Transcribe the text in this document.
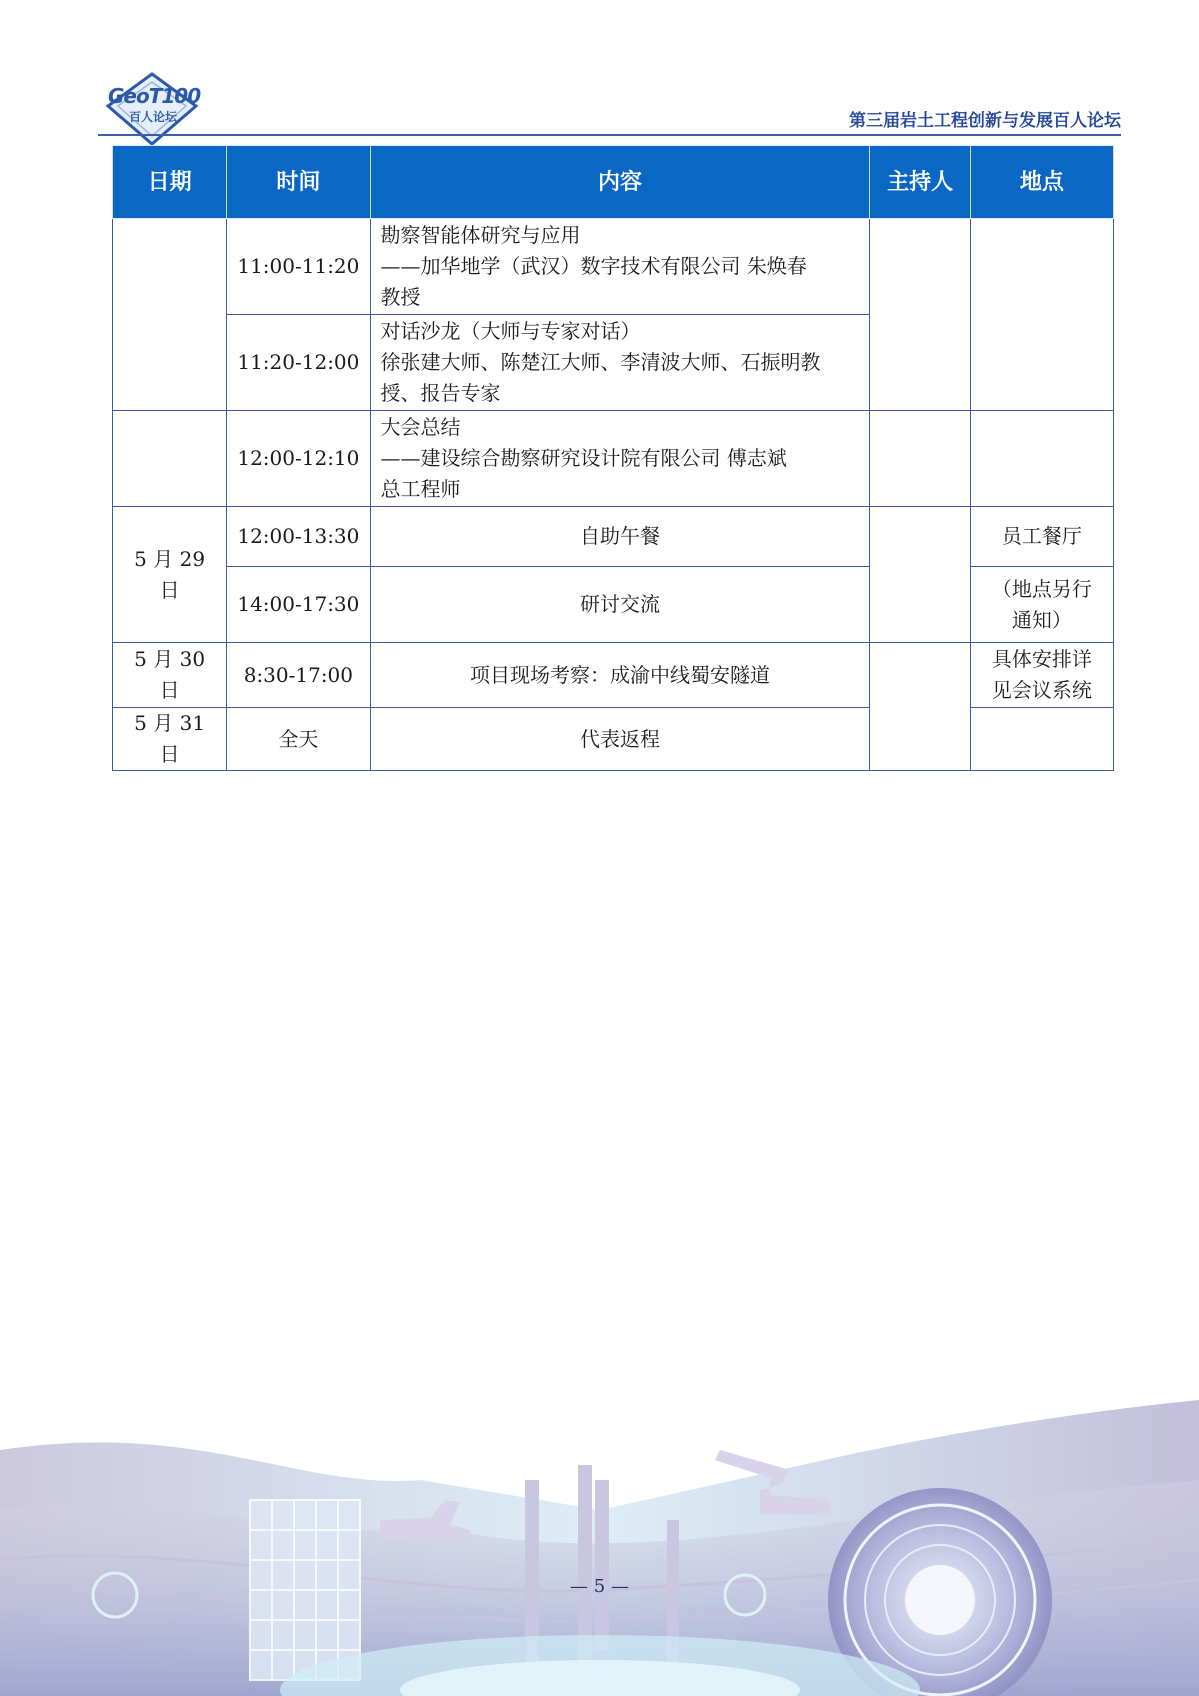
GeoT100
百人论坛	第三届岩土工程创新与发展百人论坛
日期	时间	内容	主持人	地点
	11:00-11:20	勘察智能体研究与应用
——加华地学（武汉）数字技术有限公司 朱焕春
教授		

	11:20-12:00	对话沙龙（大师与专家对话）
徐张建大师、陈楚江大师、李清波大师、石振明教
授、报告专家		

	12:00-12:10	大会总结
——建设综合勘察研究设计院有限公司 傅志斌
总工程师		

5 月 29 日	12:00-13:30	自助午餐		员工餐厅
	14:00-17:30	研讨交流		（地点另行
通知）

5 月 30 日	8:30-17:00	项目现场考察：成渝中线蜀安隧道		具体安排详
见会议系统

5 月 31 日	全天	代表返程		
— 5 —
